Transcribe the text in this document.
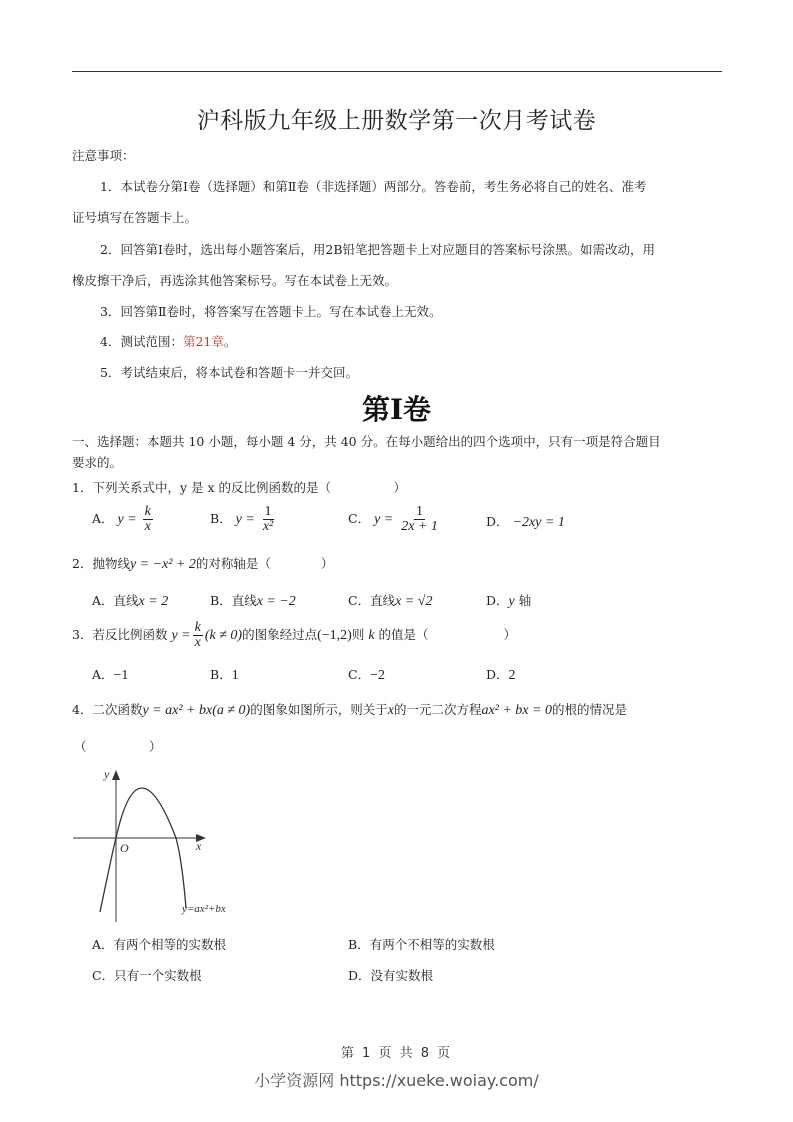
沪科版九年级上册数学第一次月考试卷
注意事项：
1．本试卷分第Ⅰ卷（选择题）和第Ⅱ卷（非选择题）两部分。答卷前，考生务必将自己的姓名、准考
证号填写在答题卡上。
2．回答第Ⅰ卷时，选出每小题答案后，用2B铅笔把答题卡上对应题目的答案标号涂黑。如需改动，用
橡皮擦干净后，再选涂其他答案标号。写在本试卷上无效。
3．回答第Ⅱ卷时，将答案写在答题卡上。写在本试卷上无效。
4．测试范围：第21章。
5．考试结束后，将本试卷和答题卡一并交回。
第Ⅰ卷
一、选择题：本题共 10 小题，每小题 4 分，共 40 分。在每小题给出的四个选项中，只有一项是符合题目
要求的。
1．下列关系式中，y 是 x 的反比例函数的是（　　　　　）
A． $y = \frac{k}{x}$	B． $y = \frac{1}{\text{x²}}$	C． $y = \frac{1}{2x + 1}$	D． −2xy = 1
2．抛物线y = −x² + 2的对称轴是（　　　　）
A．直线x = 2	B．直线x = −2	C．直线x = √2	D．y 轴
3．若反比例函数 $y = \frac{k}{x} (k \ne 0)$的图象经过点(−1,2)则 k 的值是（　　　　　　）
A．−1	B．1	C．−2	D．2
4．二次函数y = ax² + bx(a ≠ 0)的图象如图所示，则关于x的一元二次方程ax² + bx = 0的根的情况是
（　　　　　）
y
O	x
y=ax²+bx
A．有两个相等的实数根	B．有两个不相等的实数根
C．只有一个实数根	D．没有实数根
第 1 页 共 8 页
小学资源网 https://xueke.woiay.com/
